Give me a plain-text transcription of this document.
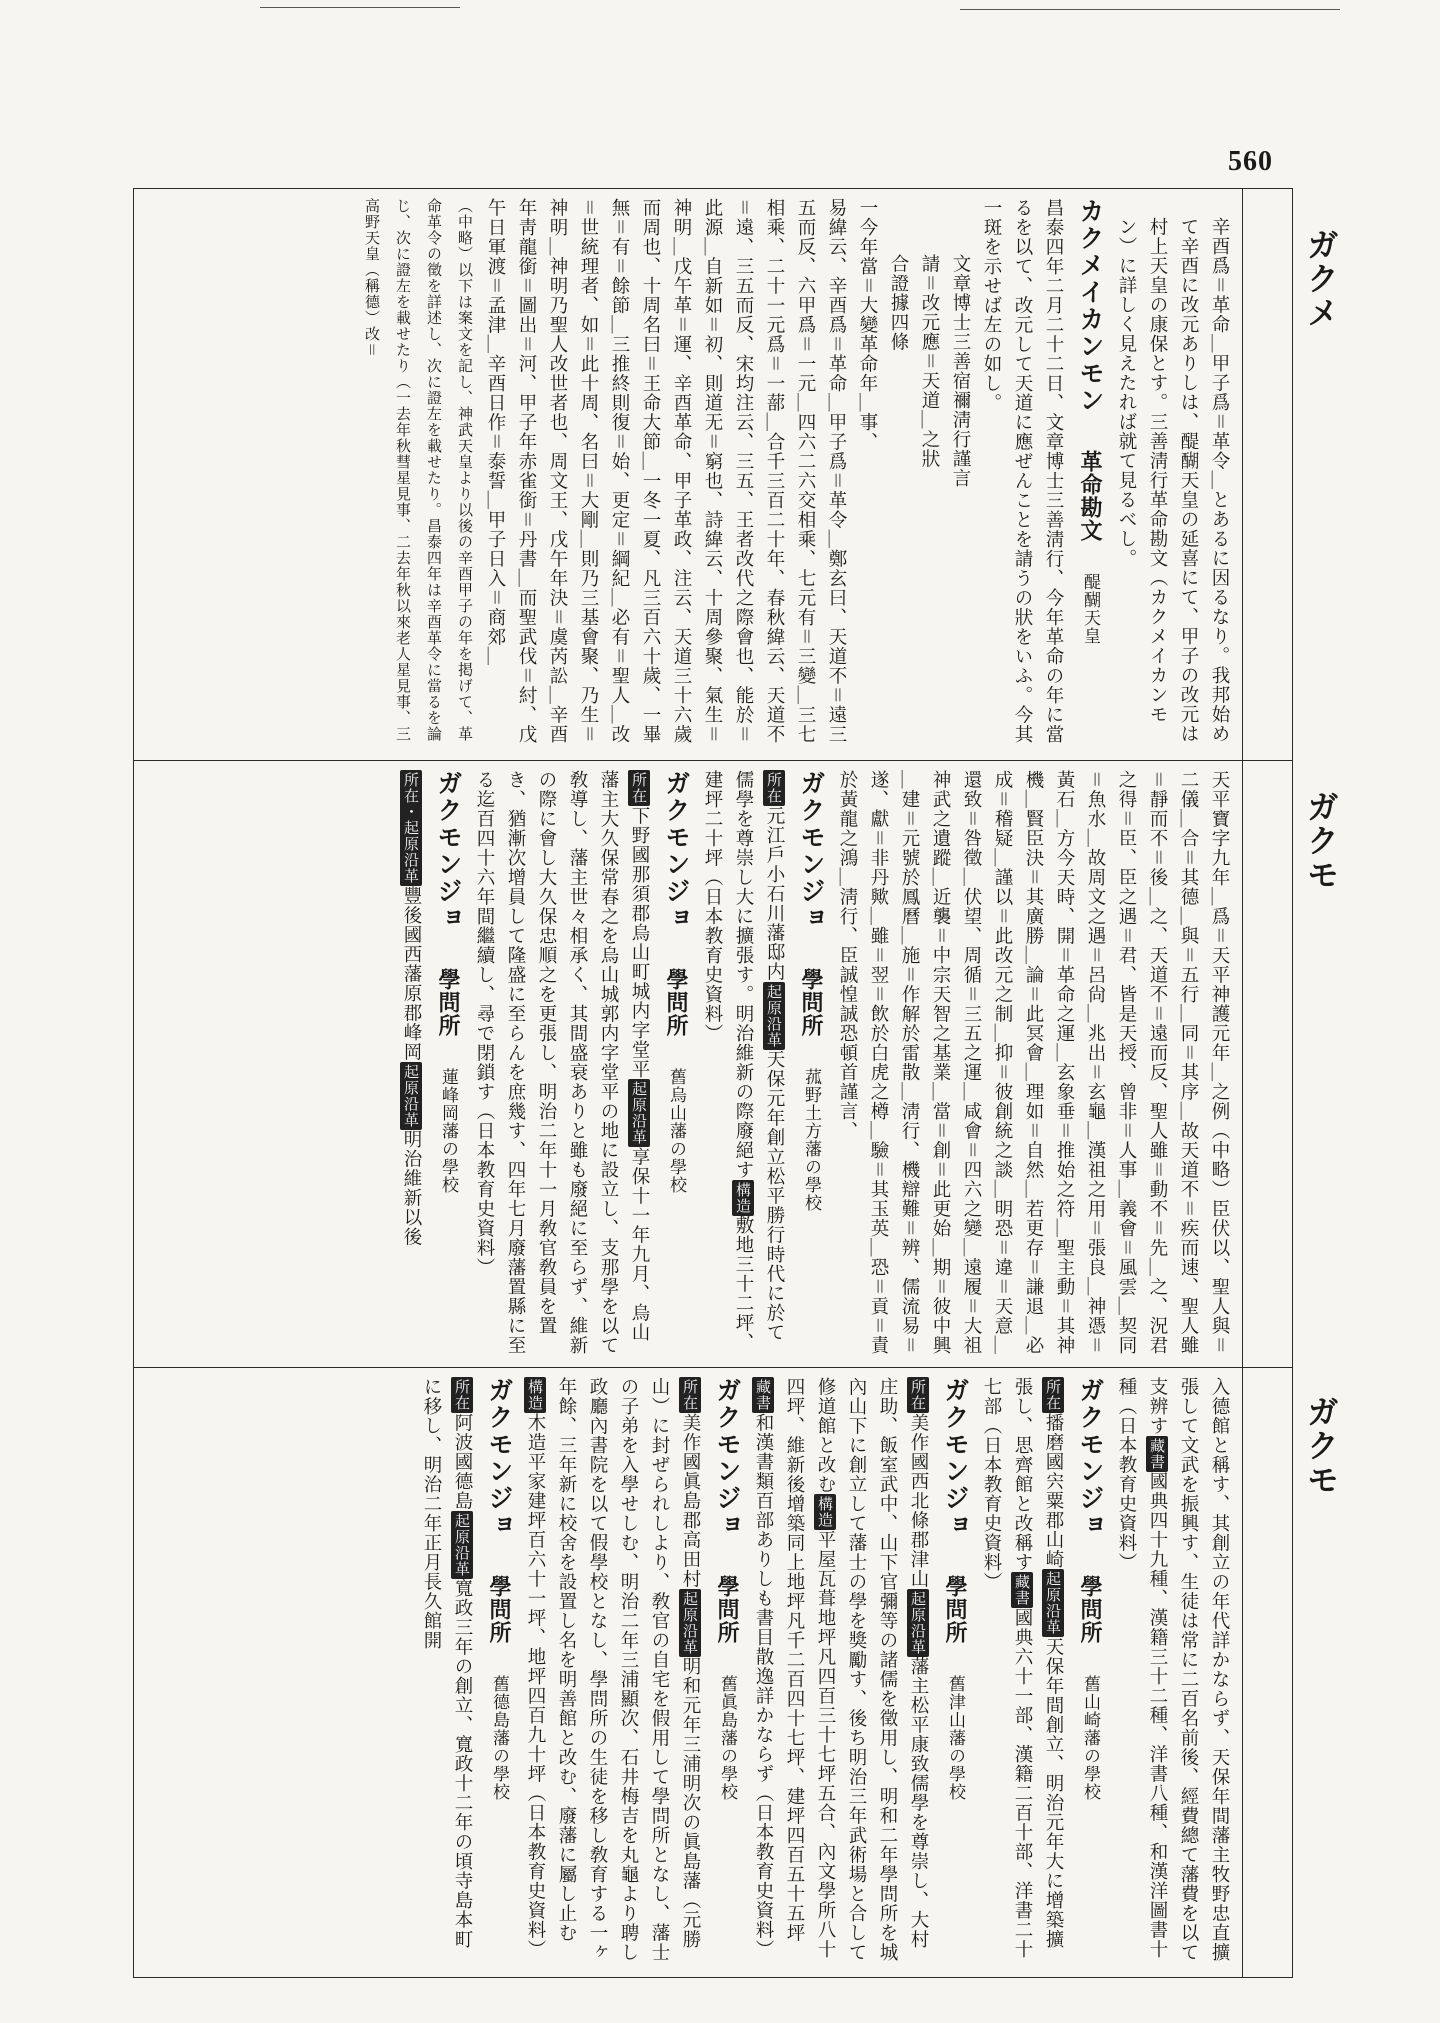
560
ガクメ
ガクモ
ガクモ

辛酉爲＝革命＿甲子爲＝革令＿とあるに因るなり。我邦始めて辛酉に改元ありしは、醍醐天皇の延喜にて、甲子の改元は村上天皇の康保とす。三善淸行革命勘文（カクメイカンモン）に詳しく見えたれば就て見るべし。

カクメイカンモン 革命勘文 醍醐天皇

昌泰四年二月二十二日、文章博士三善淸行、今年革命の年に當るを以て、改元して天道に應ぜんことを請うの狀をいふ。今其一斑を示せば左の如し。

文章博士三善宿禰淸行謹言

請＝改元應＝天道＿之狀

合證據四條

一今年當＝大變革命年＿事、

易緯云、辛酉爲＝革命＿甲子爲＝革令＿鄭玄曰、天道不＝遠三五而反、六甲爲＝一元＿四六二六交相乘、七元有＝三變＿三七相乘、二十一元爲＝一蔀＿合千三百二十年、春秋緯云、天道不＝遠、三五而反、宋均注云、三五、王者改代之際會也、能於＝此源＿自新如＝初、則道无＝窮也、詩緯云、十周參聚、氣生＝神明＿戊午革＝運、辛酉革命、甲子革政、注云、天道三十六歲而周也、十周名曰＝王命大節＿一冬一夏、凡三百六十歲、一畢無＝有＝餘節＿三推終則復＝始、更定＝綱紀＿必有＝聖人＿改＝世統理者、如＝此十周、名曰＝大剛＿則乃三基會聚、乃生＝神明＿神明乃聖人改世者也、周文王、戊午年決＝虞芮訟＿辛酉年靑龍銜＝圖出＝河、甲子年赤雀銜＝丹書＿而聖武伐＝紂、戊午日軍渡＝孟津＿辛酉日作＝泰誓＿甲子日入＝商郊＿

（中略）以下は案文を記し、神武天皇より以後の辛酉甲子の年を掲げて、革命革令の徵を詳述し、次に證左を載せたり。昌泰四年は辛酉革令に當るを論じ、次に證左を載せたり（一去年秋彗星見事、二去年秋以來老人星見事、三高野天皇（稱德）改＝

天平寶字九年＿爲＝天平神護元年＿之例（中略）臣伏以、聖人與＝二儀＿合＝其德＿與＝五行＿同＝其序＿故天道不＝疾而速、聖人雖＝靜而不＝後＿之、天道不＝遠而反、聖人雖＝動不＝先＿之、況君之得＝臣、臣之遇＝君、皆是天授、曾非＝人事＿義會＝風雲＿契同＝魚水＿故周文之遇＝呂尙＿兆出＝玄龜＿漢祖之用＝張良＿神憑＝黃石＿方今天時、開＝革命之運＿玄象垂＝推始之符＿聖主動＝其神機＿賢臣決＝其廣勝＿論＝此冥會＿理如＝自然＿若更存＝謙退＿必成＝稽疑＿謹以＝此改元之制＿抑＝彼創統之談＿明恐＝違＝天意＿還致＝咎徵＿伏望、周循＝三五之運＿咸會＝四六之變＿遠履＝大祖神武之遺蹤＿近襲＝中宗天智之基業＿當＝創＝此更始＿期＝彼中興＿建＝元號於鳳曆＿施＝作解於雷散＿淸行、機辯難＝辨、儒流易＝遂、獻＝非丹歟＿雖＝翌＝飲於白虎之樽＿驗＝其玉英＿恐＝貢＝責於黃龍之鴻＿淸行、臣誠惶誠恐頓首謹言、

ガクモンジョ 學問所 菰野土方藩の學校

所在元江戶小石川藩邸内起原沿革天保元年創立松平勝行時代に於て儒學を尊崇し大に擴張す。明治維新の際廢絕す構造敷地三十二坪、建坪二十坪（日本教育史資料）

ガクモンジョ 學問所 舊烏山藩の學校

所在下野國那須郡烏山町城内字堂平起原沿革享保十一年九月、烏山藩主大久保常春之を烏山城郭内字堂平の地に設立し、支那學を以て敎導し、藩主世々相承く、其間盛衰ありと雖も廢絕に至らず、維新の際に會し大久保忠順之を更張し、明治二年十一月敎官敎員を置き、猶漸次增員して隆盛に至らんを庶幾す、四年七月廢藩置縣に至る迄百四十六年間繼續し、尋で閉鎖す（日本教育史資料）

ガクモンジョ 學問所 蓮峰岡藩の學校

所在・起原沿革豐後國西藩原郡峰岡起原沿革明治維新以後

入德館と稱す、其創立の年代詳かならず、天保年間藩主牧野忠直擴張して文武を振興す、生徒は常に二百名前後、經費總て藩費を以て支辨す藏書國典四十九種、漢籍三十二種、洋書八種、和漢洋圖書十種（日本教育史資料）

ガクモンジョ 學問所 舊山崎藩の學校

所在播磨國宍粟郡山崎起原沿革天保年間創立、明治元年大に增築擴張し、思齊館と改稱す藏書國典六十一部、漢籍二百十部、洋書二十七部（日本教育史資料）

ガクモンジョ 學問所 舊津山藩の學校

所在美作國西北條郡津山起原沿革藩主松平康致儒學を尊崇し、大村庄助、飯室武中、山下官彌等の諸儒を徵用し、明和二年學問所を城內山下に創立して藩士の學を獎勵す、後ち明治三年武術場と合して修道館と改む構造平屋瓦葺地坪凡四百三十七坪五合、內文學所八十四坪、維新後增築同上地坪凡千二百四十七坪、建坪四百五十五坪藏書和漢書類百部ありしも書目散逸詳かならず（日本教育史資料）

ガクモンジョ 學問所 舊眞島藩の學校

所在美作國眞島郡高田村起原沿革明和元年三浦明次の眞島藩（元勝山）に封ぜられしより、敎官の自宅を假用して學問所となし、藩士の子弟を入學せしむ、明治二年三浦顯次、石井梅吉を丸龜より聘し政廳內書院を以て假學校となし、學問所の生徒を移し敎育する一ヶ年餘、三年新に校舍を設置し名を明善館と改む、廢藩に屬し止む構造木造平家建坪百六十一坪、地坪四百九十坪（日本教育史資料）

ガクモンジョ 學問所 舊德島藩の學校

所在阿波國德島起原沿革寬政三年の創立、寬政十二年の頃寺島本町に移し、明治二年正月長久館開
